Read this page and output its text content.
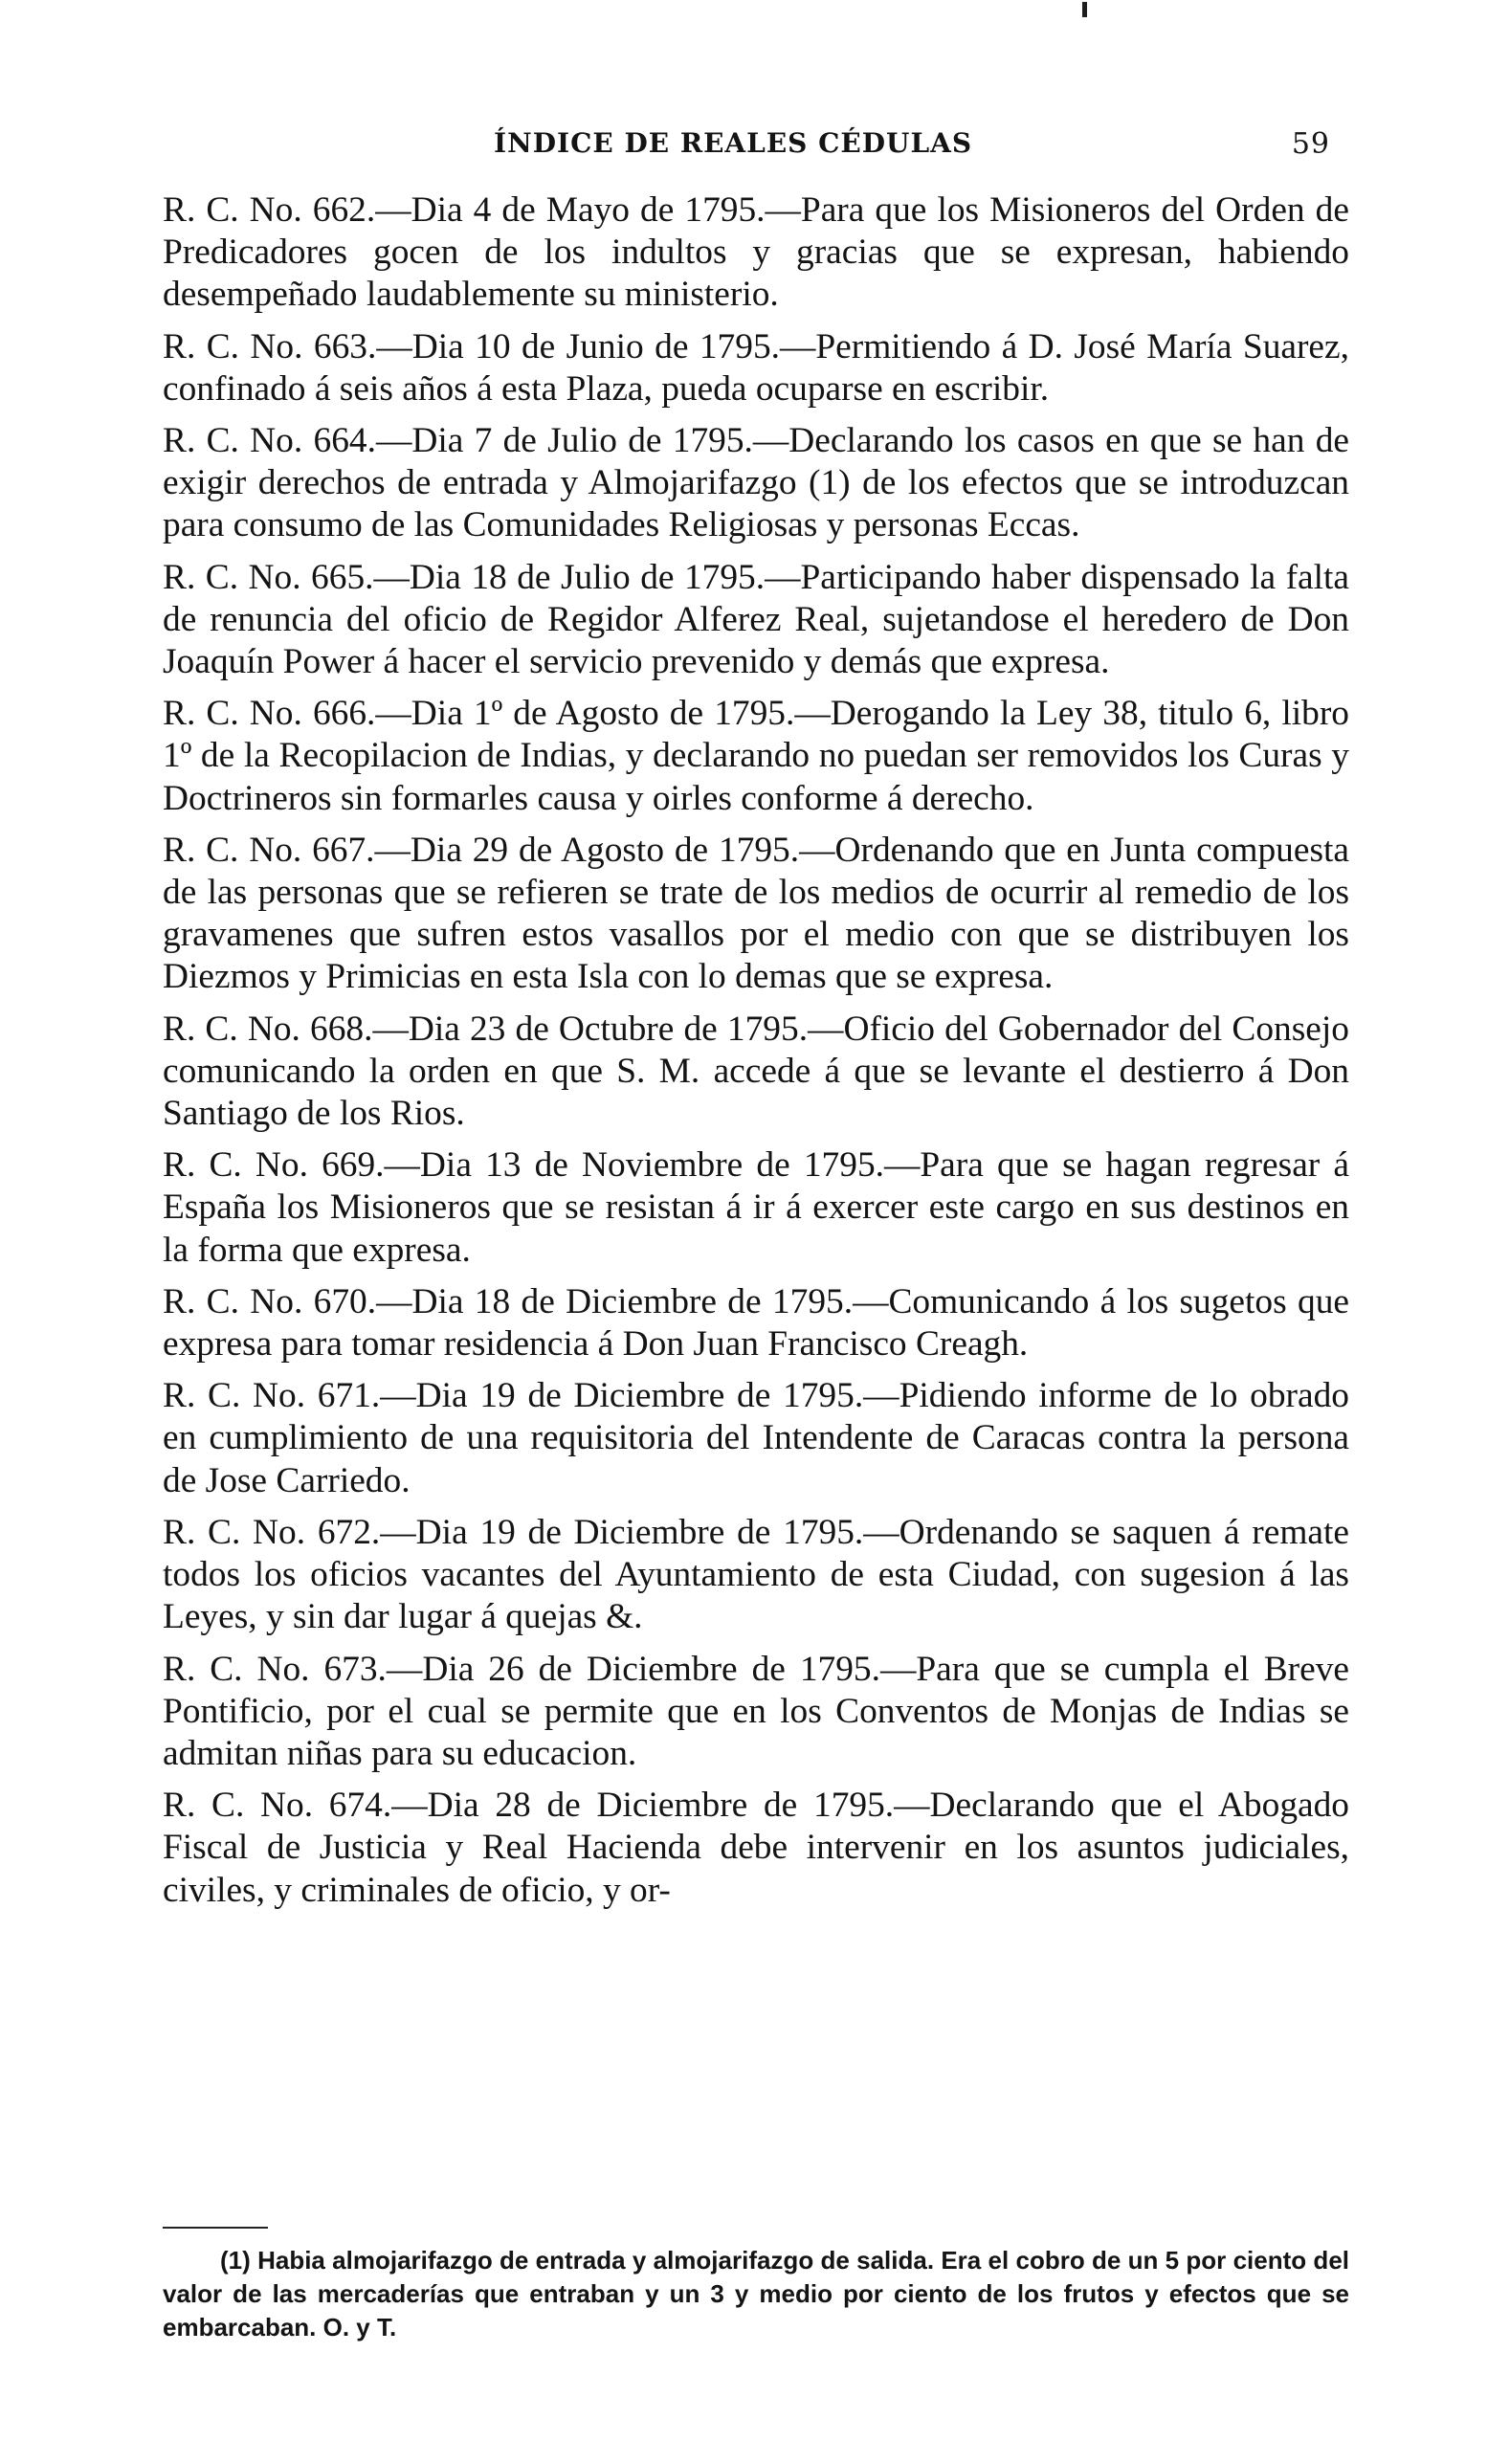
ÍNDICE DE REALES CÉDULAS	59

R. C. No. 662.—Dia 4 de Mayo de 1795.—Para que los Misioneros del Orden de Predicadores gocen de los indultos y gracias que se expresan, habiendo desempeñado laudablemente su ministerio.

R. C. No. 663.—Dia 10 de Junio de 1795.—Permitiendo á D. José María Suarez, confinado á seis años á esta Plaza, pueda ocuparse en escribir.

R. C. No. 664.—Dia 7 de Julio de 1795.—Declarando los casos en que se han de exigir derechos de entrada y Almojarifazgo (1) de los efectos que se introduzcan para consumo de las Comunidades Religiosas y personas Eccas.

R. C. No. 665.—Dia 18 de Julio de 1795.—Participando haber dispensado la falta de renuncia del oficio de Regidor Alferez Real, sujetandose el heredero de Don Joaquín Power á hacer el servicio prevenido y demás que expresa.

R. C. No. 666.—Dia 1º de Agosto de 1795.—Derogando la Ley 38, titulo 6, libro 1º de la Recopilacion de Indias, y declarando no puedan ser removidos los Curas y Doctrineros sin formarles causa y oirles conforme á derecho.

R. C. No. 667.—Dia 29 de Agosto de 1795.—Ordenando que en Junta compuesta de las personas que se refieren se trate de los medios de ocurrir al remedio de los gravamenes que sufren estos vasallos por el medio con que se distribuyen los Diezmos y Primicias en esta Isla con lo demas que se expresa.

R. C. No. 668.—Dia 23 de Octubre de 1795.—Oficio del Gobernador del Consejo comunicando la orden en que S. M. accede á que se levante el destierro á Don Santiago de los Rios.

R. C. No. 669.—Dia 13 de Noviembre de 1795.—Para que se hagan regresar á España los Misioneros que se resistan á ir á exercer este cargo en sus destinos en la forma que expresa.

R. C. No. 670.—Dia 18 de Diciembre de 1795.—Comunicando á los sugetos que expresa para tomar residencia á Don Juan Francisco Creagh.

R. C. No. 671.—Dia 19 de Diciembre de 1795.—Pidiendo informe de lo obrado en cumplimiento de una requisitoria del Intendente de Caracas contra la persona de Jose Carriedo.

R. C. No. 672.—Dia 19 de Diciembre de 1795.—Ordenando se saquen á remate todos los oficios vacantes del Ayuntamiento de esta Ciudad, con sugesion á las Leyes, y sin dar lugar á quejas &.

R. C. No. 673.—Dia 26 de Diciembre de 1795.—Para que se cumpla el Breve Pontificio, por el cual se permite que en los Conventos de Monjas de Indias se admitan niñas para su educacion.

R. C. No. 674.—Dia 28 de Diciembre de 1795.—Declarando que el Abogado Fiscal de Justicia y Real Hacienda debe intervenir en los asuntos judiciales, civiles, y criminales de oficio, y or-

(1) Habia almojarifazgo de entrada y almojarifazgo de salida. Era el cobro de un 5 por ciento del valor de las mercaderías que entraban y un 3 y medio por ciento de los frutos y efectos que se embarcaban. O. y T.
